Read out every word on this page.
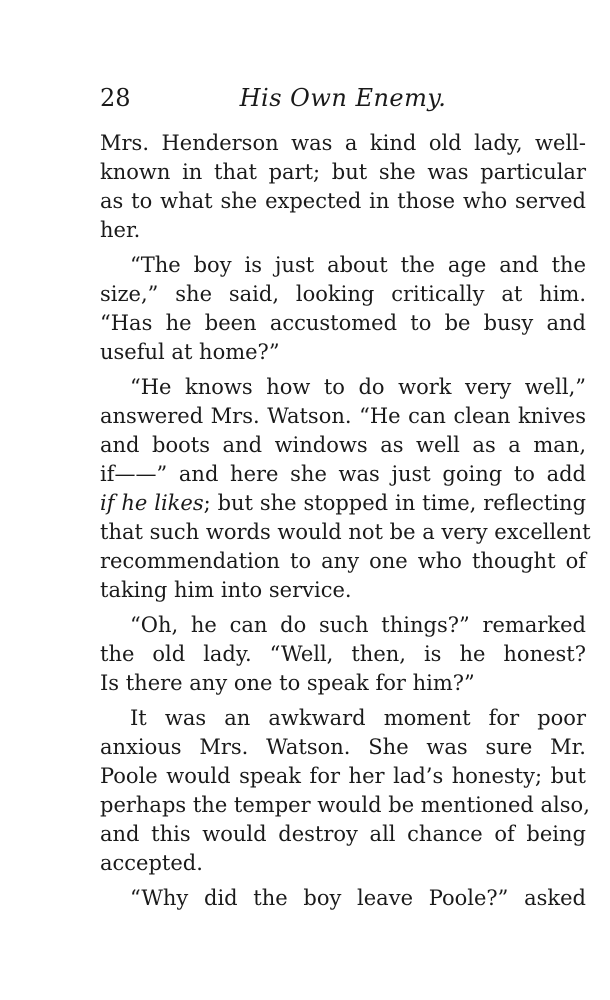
28	His Own Enemy.
Mrs. Henderson was a kind old lady, well-
known in that part; but she was particular
as to what she expected in those who served
her.
“The boy is just about the age and the
size,” she said, looking critically at him.
“Has he been accustomed to be busy and
useful at home?”
“He knows how to do work very well,”
answered Mrs. Watson. “He can clean knives
and boots and windows as well as a man,
if——” and here she was just going to add
if he likes; but she stopped in time, reflecting
that such words would not be a very excellent
recommendation to any one who thought of
taking him into service.
“Oh, he can do such things?” remarked
the old lady. “Well, then, is he honest?
Is there any one to speak for him?”
It was an awkward moment for poor
anxious Mrs. Watson. She was sure Mr.
Poole would speak for her lad’s honesty; but
perhaps the temper would be mentioned also,
and this would destroy all chance of being
accepted.
“Why did the boy leave Poole?” asked
